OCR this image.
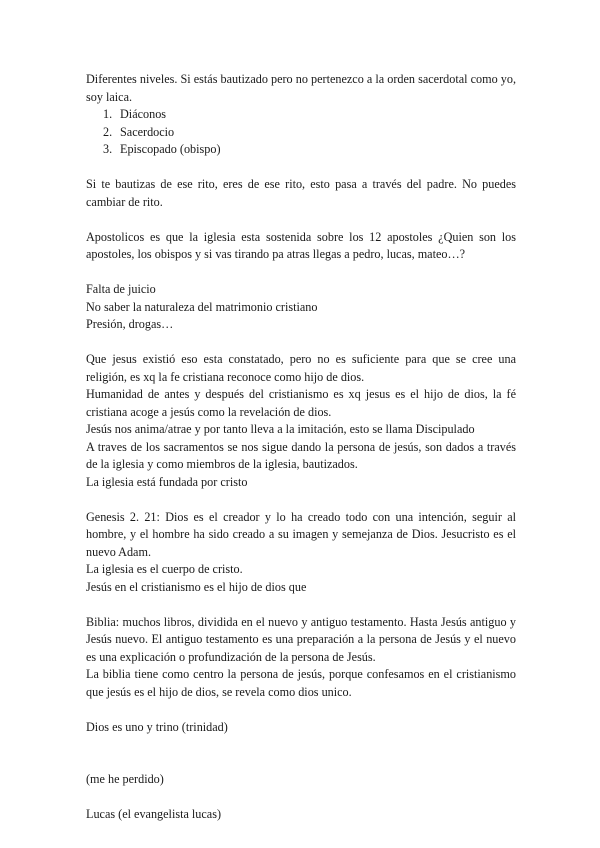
Diferentes niveles. Si estás bautizado pero no pertenezco a la orden sacerdotal como yo, soy laica.

1. Diáconos
2. Sacerdocio
3. Episcopado (obispo)

Si te bautizas de ese rito, eres de ese rito, esto pasa a través del padre. No puedes cambiar de rito.

Apostolicos es que la iglesia esta sostenida sobre los 12 apostoles ¿Quien son los apostoles, los obispos y si vas tirando pa atras llegas a pedro, lucas, mateo…?

Falta de juicio

No saber la naturaleza del matrimonio cristiano

Presión, drogas…

Que jesus existió eso esta constatado, pero no es suficiente para que se cree una religión, es xq la fe cristiana reconoce como hijo de dios.

Humanidad de antes y después del cristianismo es xq jesus es el hijo de dios, la fé cristiana acoge a jesús como la revelación de dios.

Jesús nos anima/atrae y por tanto lleva a la imitación, esto se llama Discipulado

A traves de los sacramentos se nos sigue dando la persona de jesús, son dados a través de la iglesia y como miembros de la iglesia, bautizados.

La iglesia está fundada por cristo

Genesis 2. 21: Dios es el creador y lo ha creado todo con una intención, seguir al hombre, y el hombre ha sido creado a su imagen y semejanza de Dios. Jesucristo es el nuevo Adam.

La iglesia es el cuerpo de cristo.

Jesús en el cristianismo es el hijo de dios que

Biblia: muchos libros, dividida en el nuevo y antiguo testamento. Hasta Jesús antiguo y Jesús nuevo. El antiguo testamento es una preparación a la persona de Jesús y el nuevo es una explicación o profundización de la persona de Jesús.

La biblia tiene como centro la persona de jesús, porque confesamos en el cristianismo que jesús es el hijo de dios, se revela como dios unico.

Dios es uno y trino (trinidad)

(me he perdido)

Lucas (el evangelista lucas)
